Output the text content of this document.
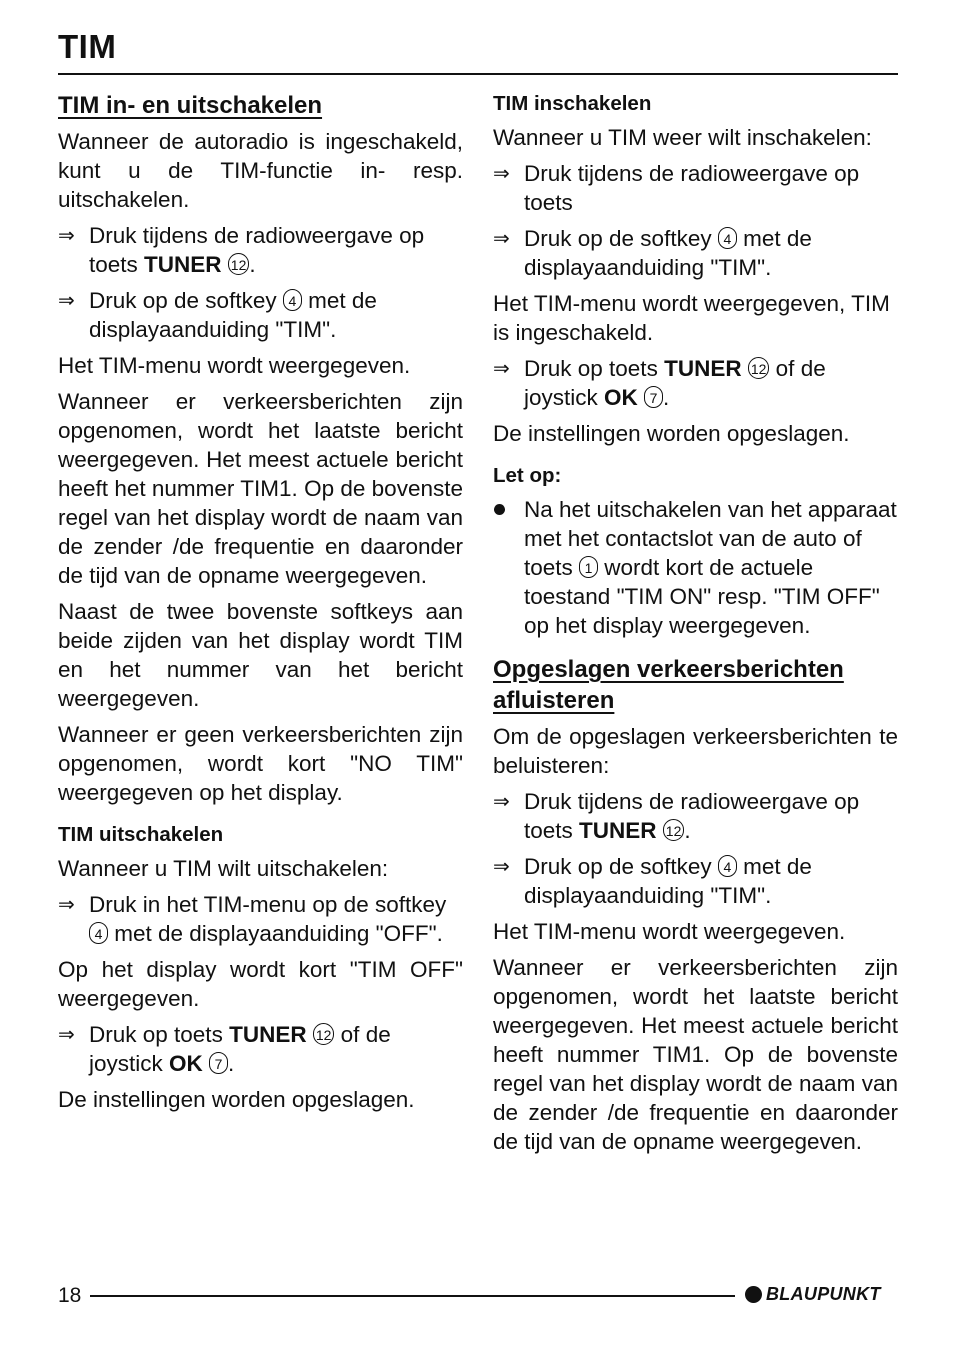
TIM
TIM in- en uitschakelen

Wanneer de autoradio is ingeschakeld, kunt u de TIM-functie in- resp. uitschakelen.

⇒ Druk tijdens de radioweergave op toets TUNER 12 .
⇒ Druk op de softkey 4 met de displayaanduiding "TIM".

Het TIM-menu wordt weergegeven.

Wanneer er verkeersberichten zijn opgenomen, wordt het laatste bericht weergegeven. Het meest actuele bericht heeft het nummer TIM1. Op de bovenste regel van het display wordt de naam van de zender /de frequentie en daaronder de tijd van de opname weergegeven.

Naast de twee bovenste softkeys aan beide zijden van het display wordt TIM en het nummer van het bericht weergegeven.

Wanneer er geen verkeersberichten zijn opgenomen, wordt kort "NO TIM" weergegeven op het display.

TIM uitschakelen

Wanneer u TIM wilt uitschakelen:

⇒ Druk in het TIM-menu op de softkey 4 met de displayaanduiding "OFF".

Op het display wordt kort "TIM OFF" weergegeven.

⇒ Druk op toets TUNER 12 of de joystick OK 7 .

De instellingen worden opgeslagen.

TIM inschakelen

Wanneer u TIM weer wilt inschakelen:

⇒ Druk tijdens de radioweergave op toets
⇒ Druk op de softkey 4 met de displayaanduiding "TIM".

Het TIM-menu wordt weergegeven, TIM is ingeschakeld.

⇒ Druk op toets TUNER 12 of de joystick OK 7 .

De instellingen worden opgeslagen.

Let op:
Na het uitschakelen van het apparaat met het contactslot van de auto of toets 1 wordt kort de actuele toestand "TIM ON" resp. "TIM OFF" op het display weergegeven.
Opgeslagen verkeersberichten afluisteren

Om de opgeslagen verkeersberichten te beluisteren:

⇒ Druk tijdens de radioweergave op toets TUNER 12 .
⇒ Druk op de softkey 4 met de displayaanduiding "TIM".

Het TIM-menu wordt weergegeven.

Wanneer er verkeersberichten zijn opgenomen, wordt het laatste bericht weergegeven. Het meest actuele bericht heeft nummer TIM1. Op de bovenste regel van het display wordt de naam van de zender /de frequentie en daaronder de tijd van de opname weergegeven.

18	BLAUPUNKT
